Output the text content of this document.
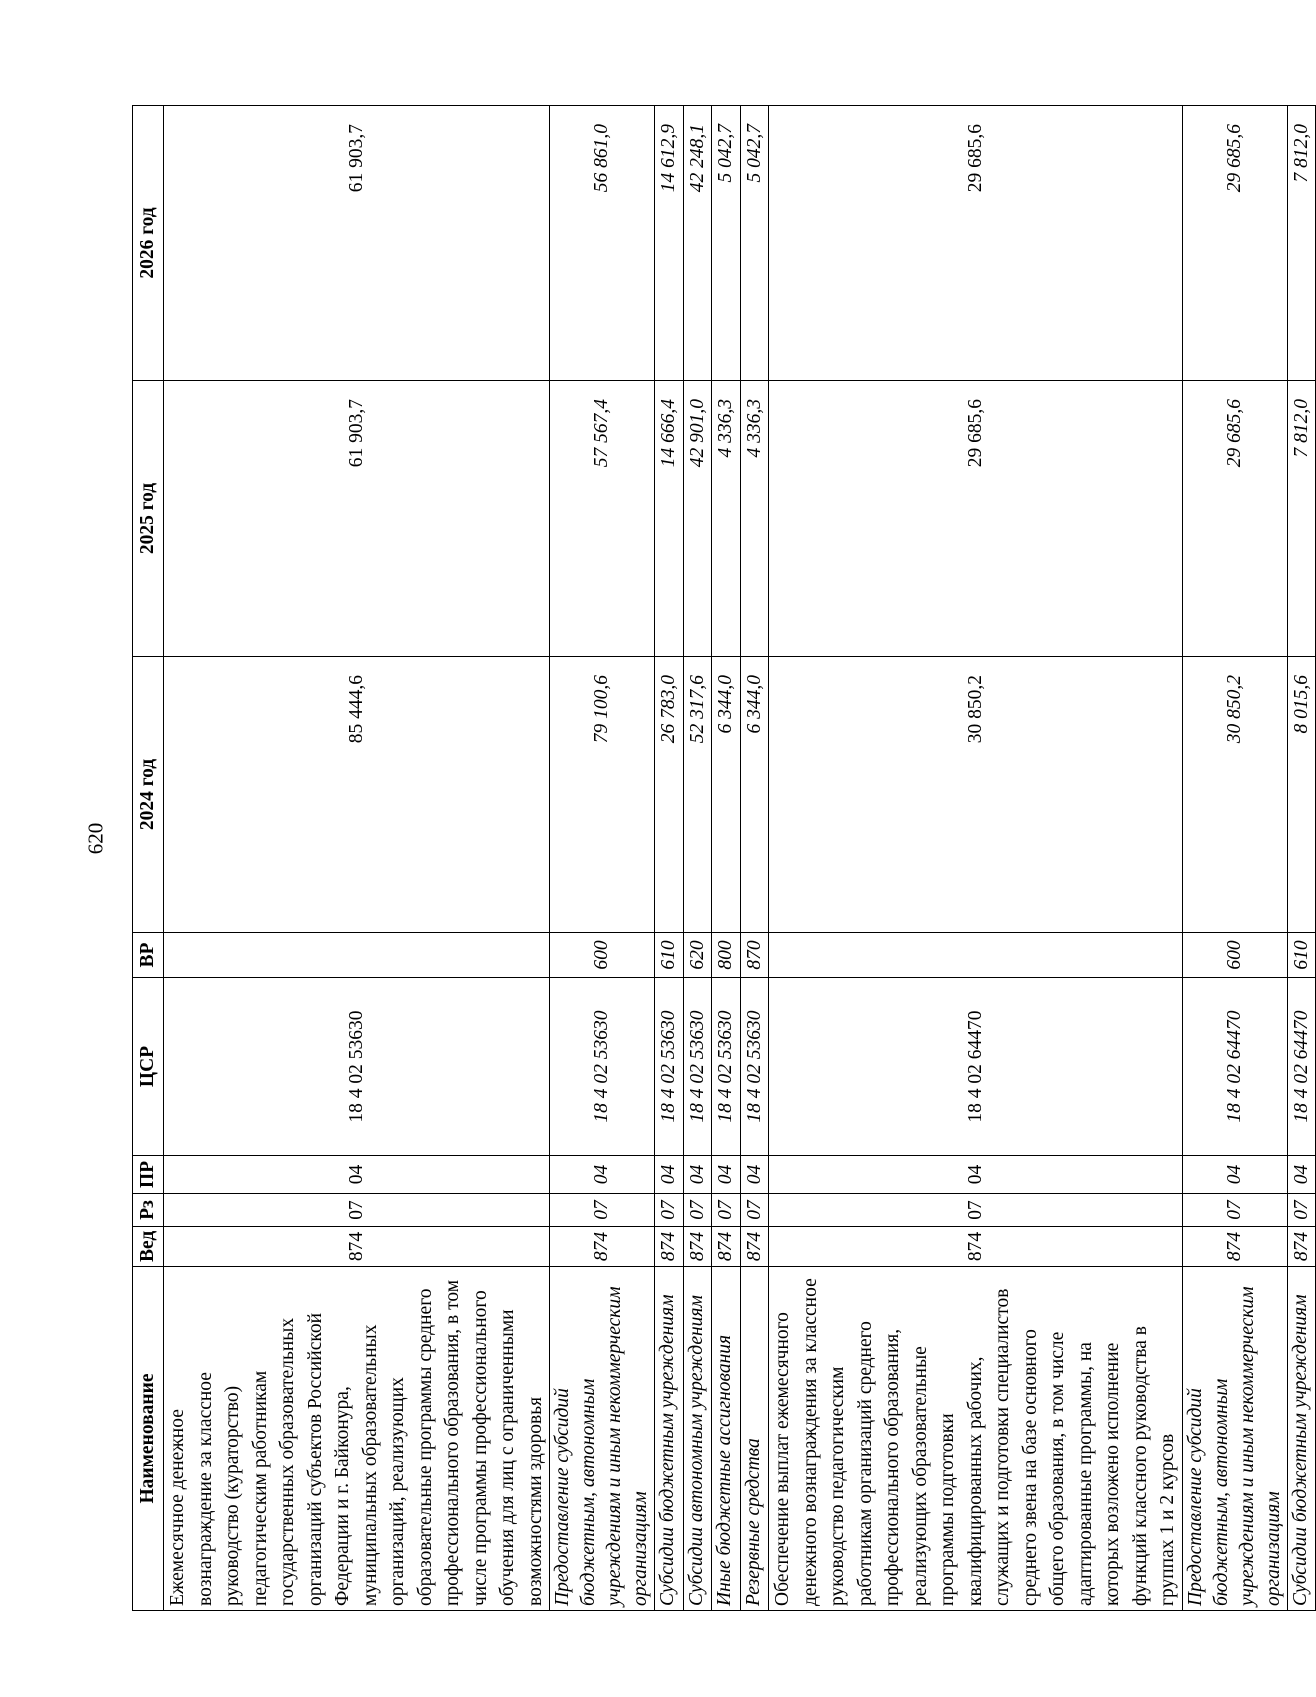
620
Наименование	Вед	Рз	ПР	ЦСР	ВР	2024 год	2025 год	2026 год
Ежемесячное денежное вознаграждение за классное руководство (кураторство) педагогическим работникам государственных образовательных организаций субъектов Российской Федерации и г. Байконура, муниципальных образовательных организаций, реализующих образовательные программы среднего профессионального образования, в том числе программы профессионального обучения для лиц с ограниченными возможностями здоровья	874	07	04	18 4 02 53630		85 444,6	61 903,7	61 903,7
Предоставление субсидий бюджетным, автономным учреждениям и иным некоммерческим организациям	874	07	04	18 4 02 53630	600	79 100,6	57 567,4	56 861,0
Субсидии бюджетным учреждениям	874	07	04	18 4 02 53630	610	26 783,0	14 666,4	14 612,9
Субсидии автономным учреждениям	874	07	04	18 4 02 53630	620	52 317,6	42 901,0	42 248,1
Иные бюджетные ассигнования	874	07	04	18 4 02 53630	800	6 344,0	4 336,3	5 042,7
Резервные средства	874	07	04	18 4 02 53630	870	6 344,0	4 336,3	5 042,7
Обеспечение выплат ежемесячного денежного вознаграждения за классное руководство педагогическим работникам организаций среднего профессионального образования, реализующих образовательные программы подготовки квалифицированных рабочих, служащих и подготовки специалистов среднего звена на базе основного общего образования, в том числе адаптированные программы, на которых возложено исполнение функций классного руководства в группах 1 и 2 курсов	874	07	04	18 4 02 64470		30 850,2	29 685,6	29 685,6
Предоставление субсидий бюджетным, автономным учреждениям и иным некоммерческим организациям	874	07	04	18 4 02 64470	600	30 850,2	29 685,6	29 685,6
Субсидии бюджетным учреждениям	874	07	04	18 4 02 64470	610	8 015,6	7 812,0	7 812,0
